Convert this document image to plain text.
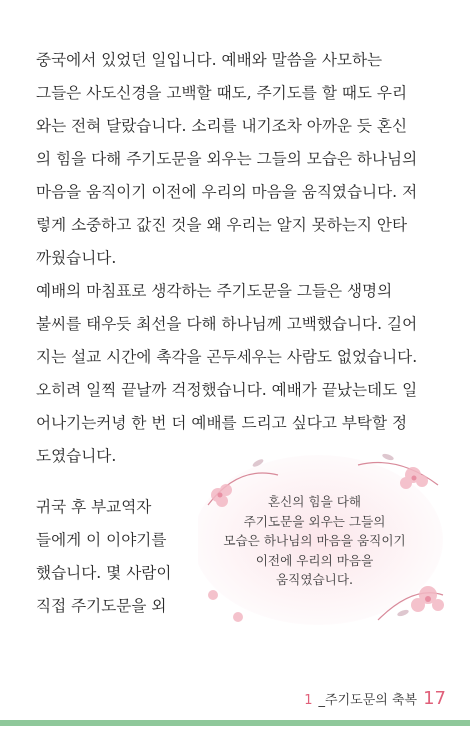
중국에서 있었던 일입니다. 예배와 말씀을 사모하는
그들은 사도신경을 고백할 때도, 주기도를 할 때도 우리
와는 전혀 달랐습니다. 소리를 내기조차 아까운 듯 혼신
의 힘을 다해 주기도문을 외우는 그들의 모습은 하나님의
마음을 움직이기 이전에 우리의 마음을 움직였습니다. 저
렇게 소중하고 값진 것을 왜 우리는 알지 못하는지 안타
까웠습니다.

예배의 마침표로 생각하는 주기도문을 그들은 생명의
불씨를 태우듯 최선을 다해 하나님께 고백했습니다. 길어
지는 설교 시간에 촉각을 곤두세우는 사람도 없었습니다.
오히려 일찍 끝날까 걱정했습니다. 예배가 끝났는데도 일
어나기는커녕 한 번 더 예배를 드리고 싶다고 부탁할 정
도였습니다.

귀국 후 부교역자
들에게 이 이야기를
했습니다. 몇 사람이
직접 주기도문을 외

혼신의 힘을 다해
주기도문을 외우는 그들의
모습은 하나님의 마음을 움직이기
이전에 우리의 마음을
움직였습니다.
1 _주기도문의 축복 17
